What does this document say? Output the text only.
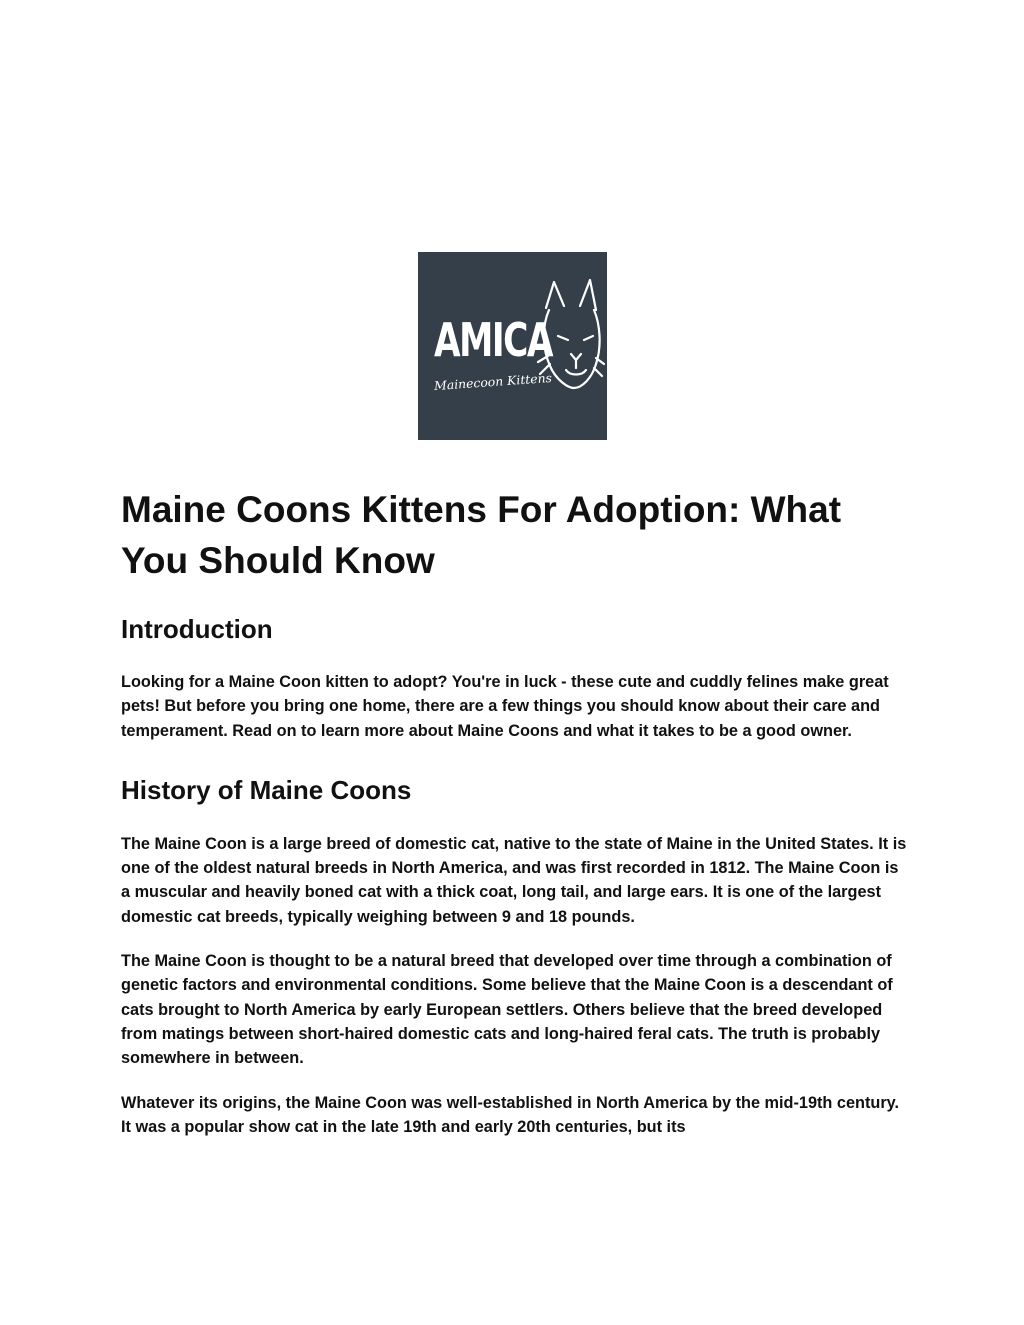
AMICA
Mainecoon Kittens
Maine Coons Kittens For Adoption: What You Should Know
Introduction

Looking for a Maine Coon kitten to adopt? You're in luck - these cute and cuddly felines make great pets! But before you bring one home, there are a few things you should know about their care and temperament. Read on to learn more about Maine Coons and what it takes to be a good owner.

History of Maine Coons

The Maine Coon is a large breed of domestic cat, native to the state of Maine in the United States. It is one of the oldest natural breeds in North America, and was first recorded in 1812. The Maine Coon is a muscular and heavily boned cat with a thick coat, long tail, and large ears. It is one of the largest domestic cat breeds, typically weighing between 9 and 18 pounds.

The Maine Coon is thought to be a natural breed that developed over time through a combination of genetic factors and environmental conditions. Some believe that the Maine Coon is a descendant of cats brought to North America by early European settlers. Others believe that the breed developed from matings between short-haired domestic cats and long-haired feral cats. The truth is probably somewhere in between.

Whatever its origins, the Maine Coon was well-established in North America by the mid-19th century. It was a popular show cat in the late 19th and early 20th centuries, but its
